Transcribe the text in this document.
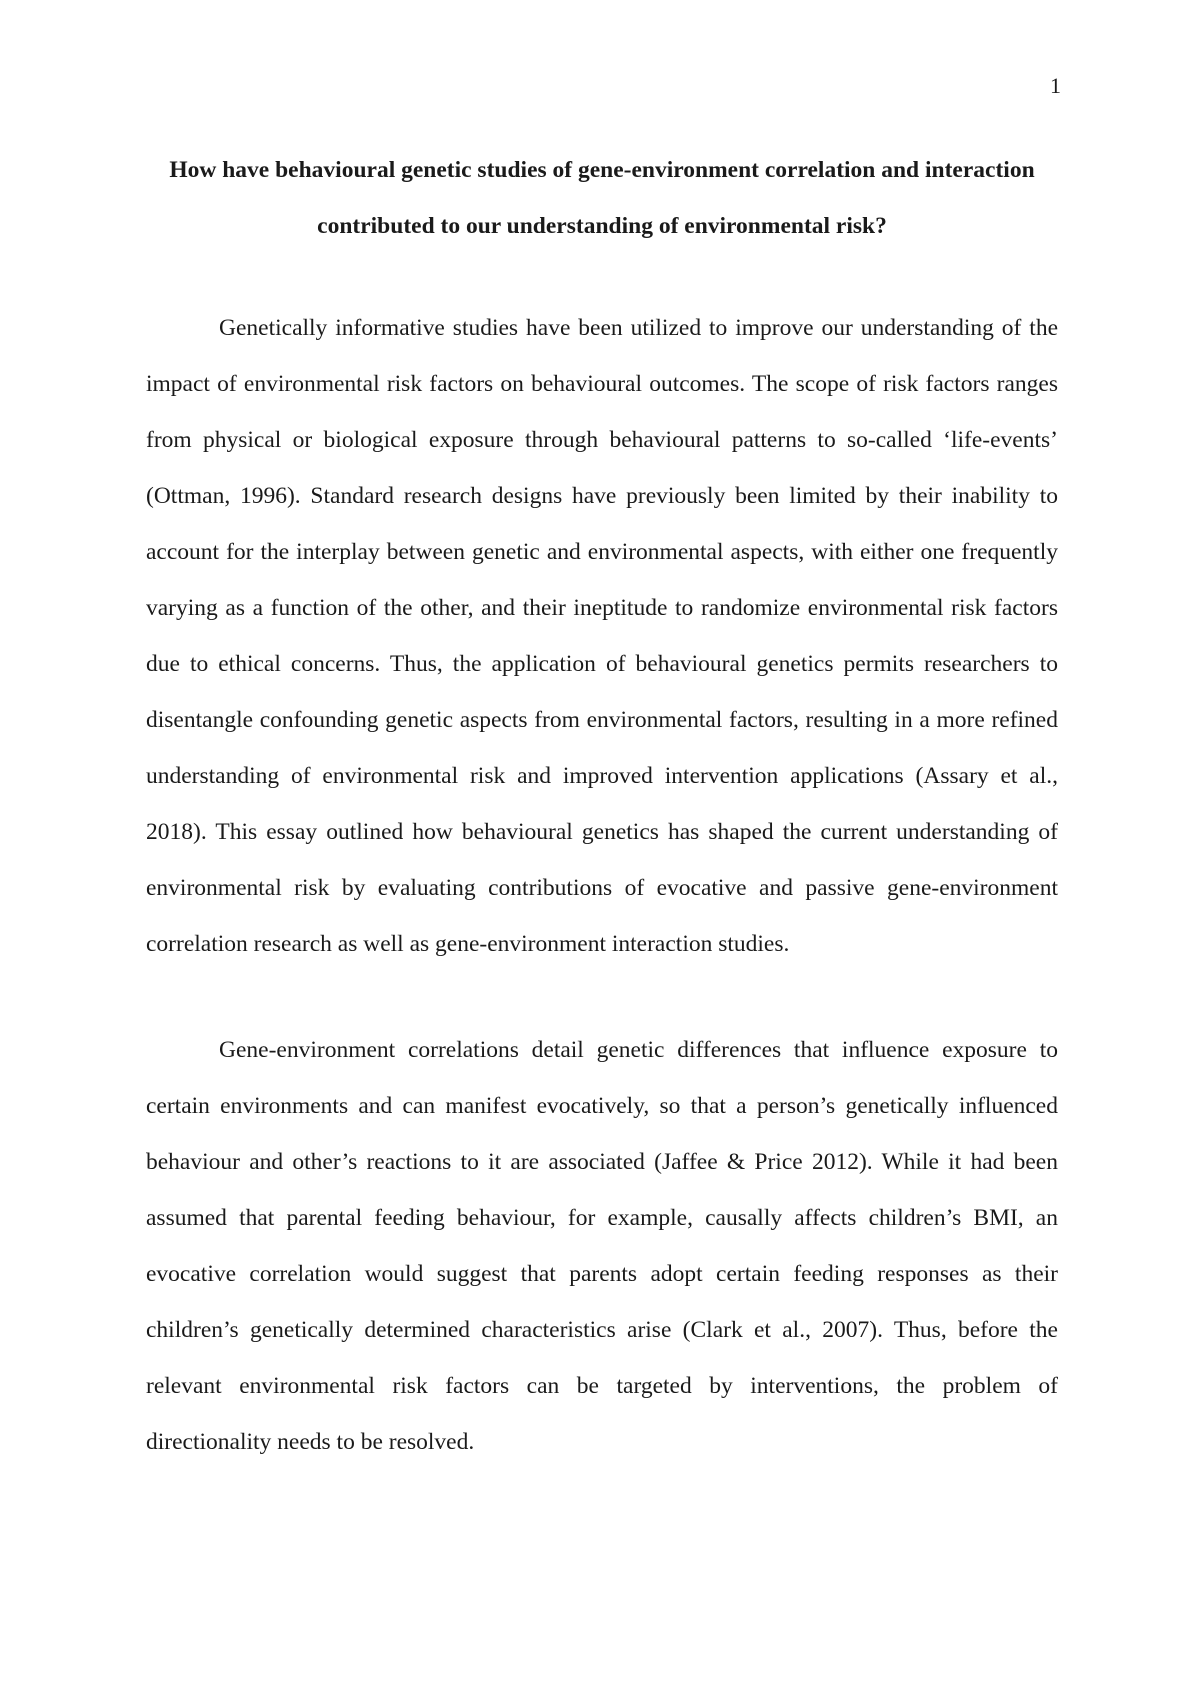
1
How have behavioural genetic studies of gene-environment correlation and interaction contributed to our understanding of environmental risk?

Genetically informative studies have been utilized to improve our understanding of the impact of environmental risk factors on behavioural outcomes. The scope of risk factors ranges from physical or biological exposure through behavioural patterns to so-called ‘life-events’ (Ottman, 1996). Standard research designs have previously been limited by their inability to account for the interplay between genetic and environmental aspects, with either one frequently varying as a function of the other, and their ineptitude to randomize environmental risk factors due to ethical concerns. Thus, the application of behavioural genetics permits researchers to disentangle confounding genetic aspects from environmental factors, resulting in a more refined understanding of environmental risk and improved intervention applications (Assary et al., 2018). This essay outlined how behavioural genetics has shaped the current understanding of environmental risk by evaluating contributions of evocative and passive gene-environment correlation research as well as gene-environment interaction studies.

Gene-environment correlations detail genetic differences that influence exposure to certain environments and can manifest evocatively, so that a person’s genetically influenced behaviour and other’s reactions to it are associated (Jaffee & Price 2012). While it had been assumed that parental feeding behaviour, for example, causally affects children’s BMI, an evocative correlation would suggest that parents adopt certain feeding responses as their children’s genetically determined characteristics arise (Clark et al., 2007). Thus, before the relevant environmental risk factors can be targeted by interventions, the problem of directionality needs to be resolved.
